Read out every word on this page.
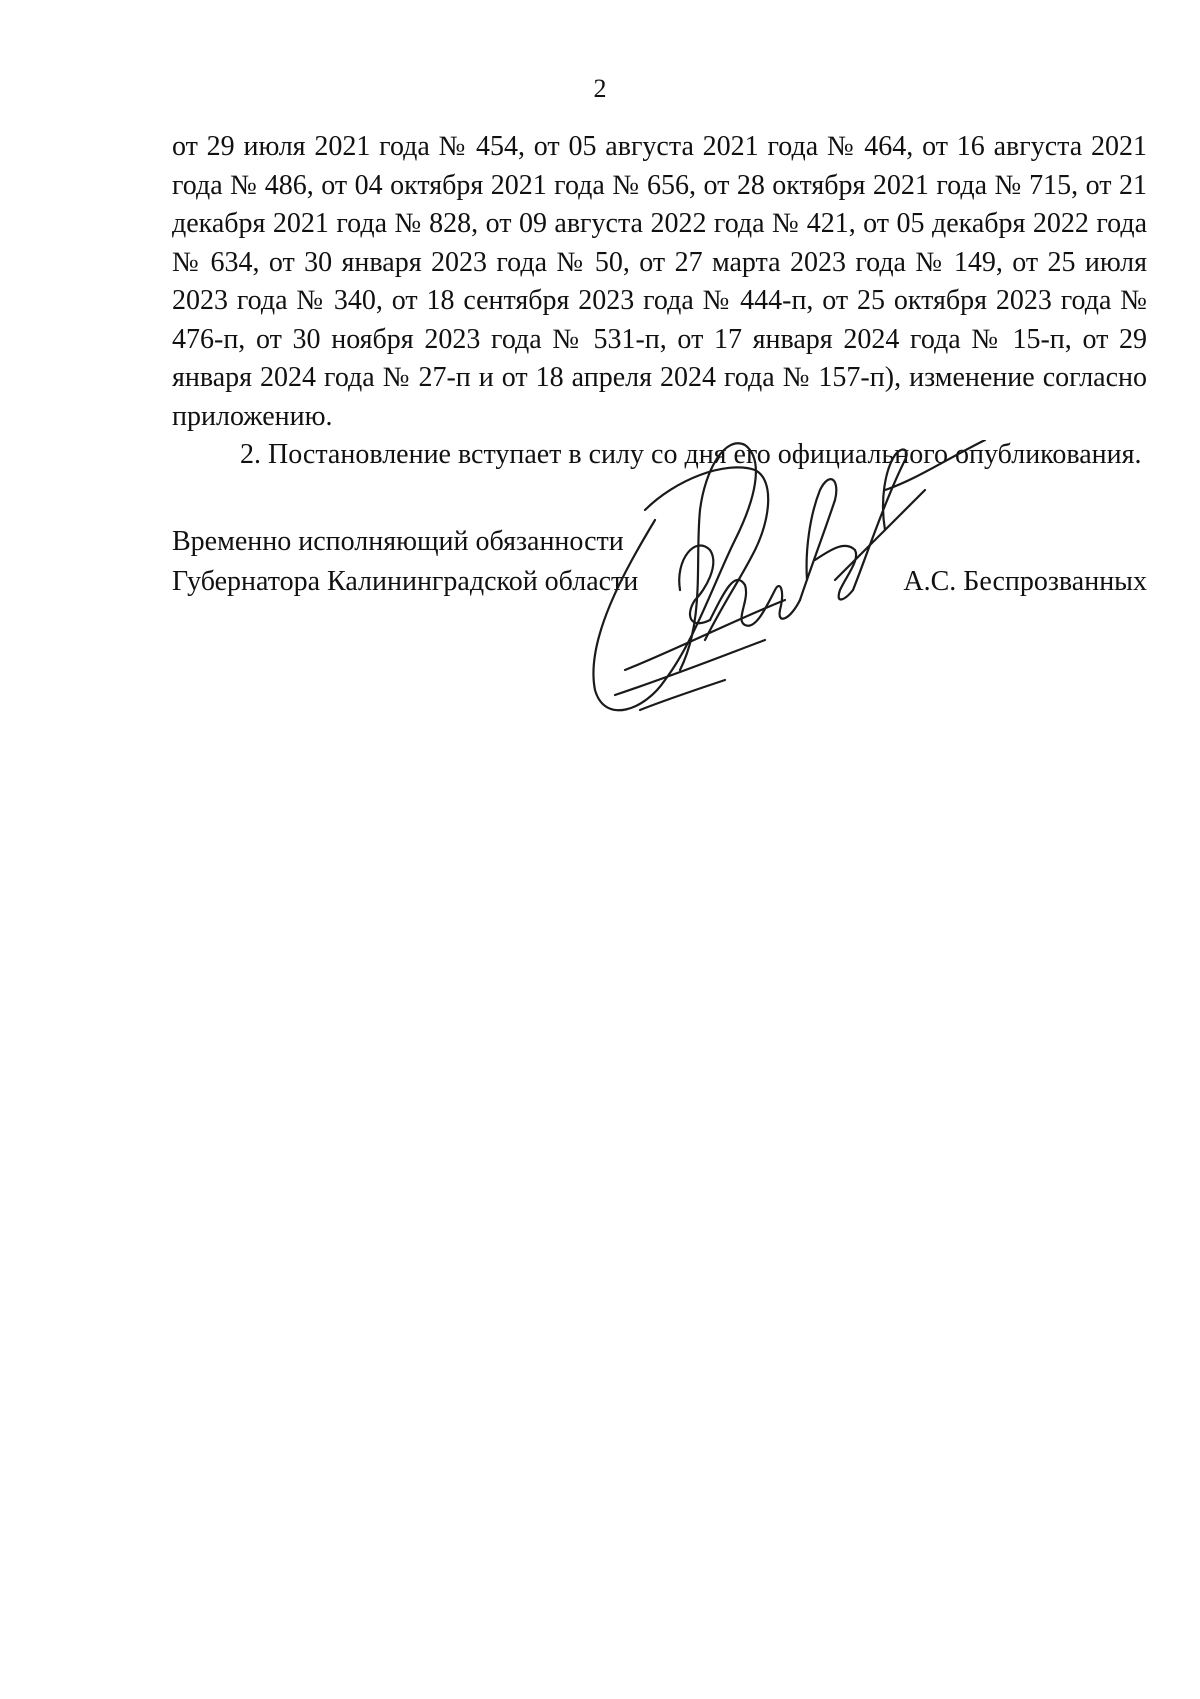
2

от 29 июля 2021 года № 454, от 05 августа 2021 года № 464, от 16 августа 2021 года № 486, от 04 октября 2021 года № 656, от 28 октября 2021 года № 715, от 21 декабря 2021 года № 828, от 09 августа 2022 года № 421, от 05 декабря 2022 года № 634, от 30 января 2023 года № 50, от 27 марта 2023 года № 149, от 25 июля 2023 года № 340, от 18 сентября 2023 года № 444-п, от 25 октября 2023 года № 476-п, от 30 ноября 2023 года № 531-п, от 17 января 2024 года № 15-п, от 29 января 2024 года № 27-п и от 18 апреля 2024 года № 157-п), изменение согласно приложению.

2. Постановление вступает в силу со дня его официального опубликования.

Временно исполняющий обязанности
Губернатора Калининградской области	А.С. Беспрозванных
